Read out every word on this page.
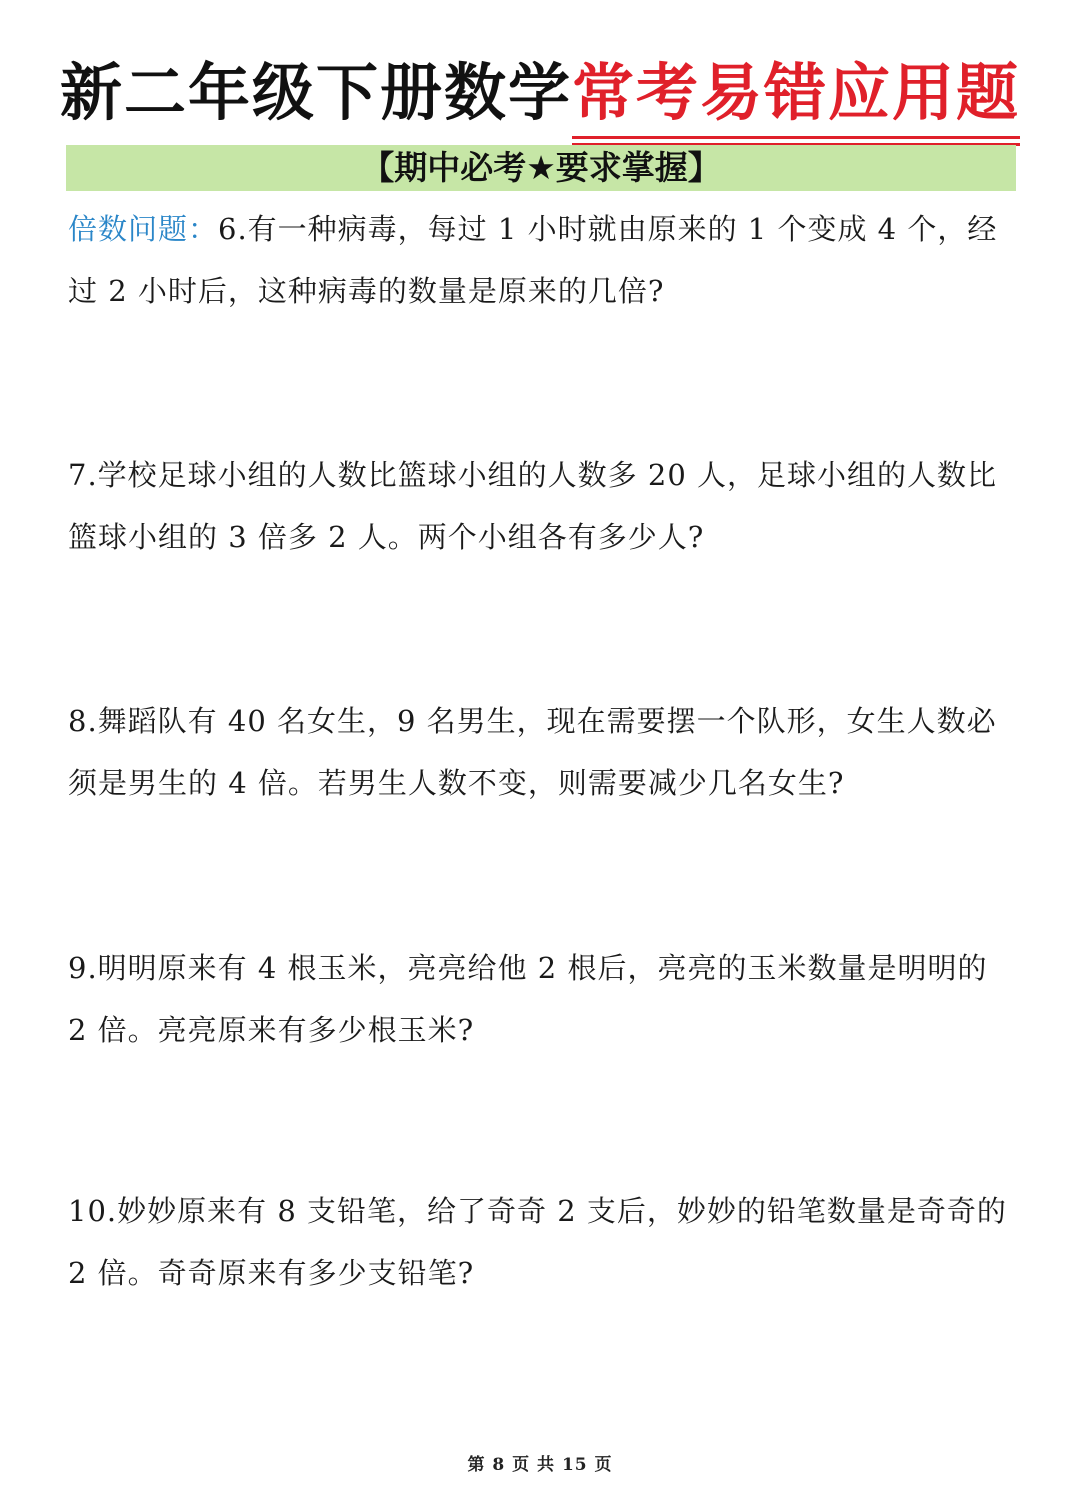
新二年级下册数学常考易错应用题
【期中必考★要求掌握】
倍数问题：6.有一种病毒，每过 1 小时就由原来的 1 个变成 4 个，经
过 2 小时后，这种病毒的数量是原来的几倍?
7.学校足球小组的人数比篮球小组的人数多 20 人，足球小组的人数比
篮球小组的 3 倍多 2 人。两个小组各有多少人?
8.舞蹈队有 40 名女生，9 名男生，现在需要摆一个队形，女生人数必
须是男生的 4 倍。若男生人数不变，则需要减少几名女生?
9.明明原来有 4 根玉米，亮亮给他 2 根后，亮亮的玉米数量是明明的
2 倍。亮亮原来有多少根玉米?
10.妙妙原来有 8 支铅笔，给了奇奇 2 支后，妙妙的铅笔数量是奇奇的
2 倍。奇奇原来有多少支铅笔?
第 8 页 共 15 页
